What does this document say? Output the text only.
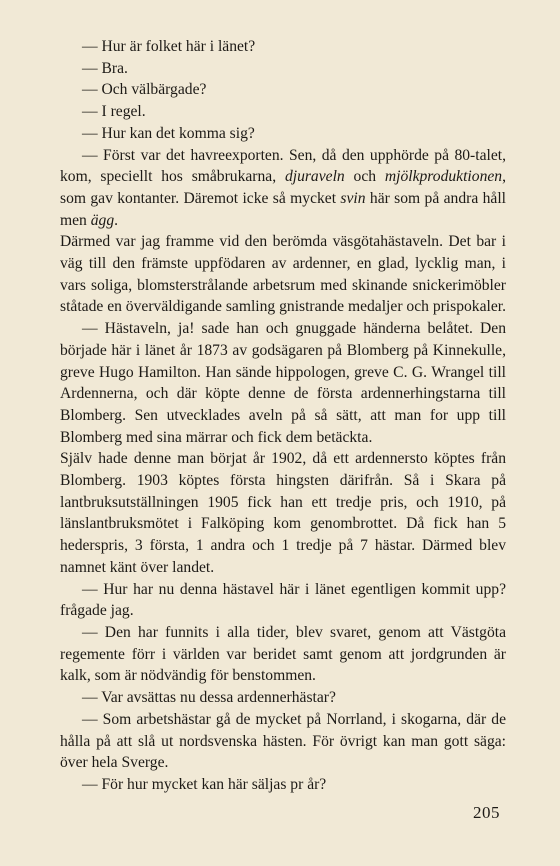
— Hur är folket här i länet?

— Bra.

— Och välbärgade?

— I regel.

— Hur kan det komma sig?

— Först var det havreexporten. Sen, då den upphörde på 80-talet, kom, speciellt hos småbrukarna, djuraveln och mjölkproduktionen, som gav kontanter. Däremot icke så mycket svin här som på andra håll men ägg.

Därmed var jag framme vid den berömda väsgötahästaveln. Det bar i väg till den främste uppfödaren av ardenner, en glad, lycklig man, i vars soliga, blomsterstrålande arbetsrum med skinande snickerimöbler ståtade en överväldigande samling gnistrande medaljer och prispokaler.

— Hästaveln, ja! sade han och gnuggade händerna belåtet. Den började här i länet år 1873 av godsägaren på Blomberg på Kinnekulle, greve Hugo Hamilton. Han sände hippologen, greve C. G. Wrangel till Ardennerna, och där köpte denne de första ardennerhingstarna till Blomberg. Sen utvecklades aveln på så sätt, att man for upp till Blomberg med sina märrar och fick dem betäckta.

Själv hade denne man börjat år 1902, då ett ardennersto köptes från Blomberg. 1903 köptes första hingsten därifrån. Så i Skara på lantbruksutställningen 1905 fick han ett tredje pris, och 1910, på länslantbruksmötet i Falköping kom genombrottet. Då fick han 5 hederspris, 3 första, 1 andra och 1 tredje på 7 hästar. Därmed blev namnet känt över landet.

— Hur har nu denna hästavel här i länet egentligen kommit upp? frågade jag.

— Den har funnits i alla tider, blev svaret, genom att Västgöta regemente förr i världen var beridet samt genom att jordgrunden är kalk, som är nödvändig för benstommen.

— Var avsättas nu dessa ardennerhästar?

— Som arbetshästar gå de mycket på Norrland, i skogarna, där de hålla på att slå ut nordsvenska hästen. För övrigt kan man gott säga: över hela Sverge.

— För hur mycket kan här säljas pr år?

205
